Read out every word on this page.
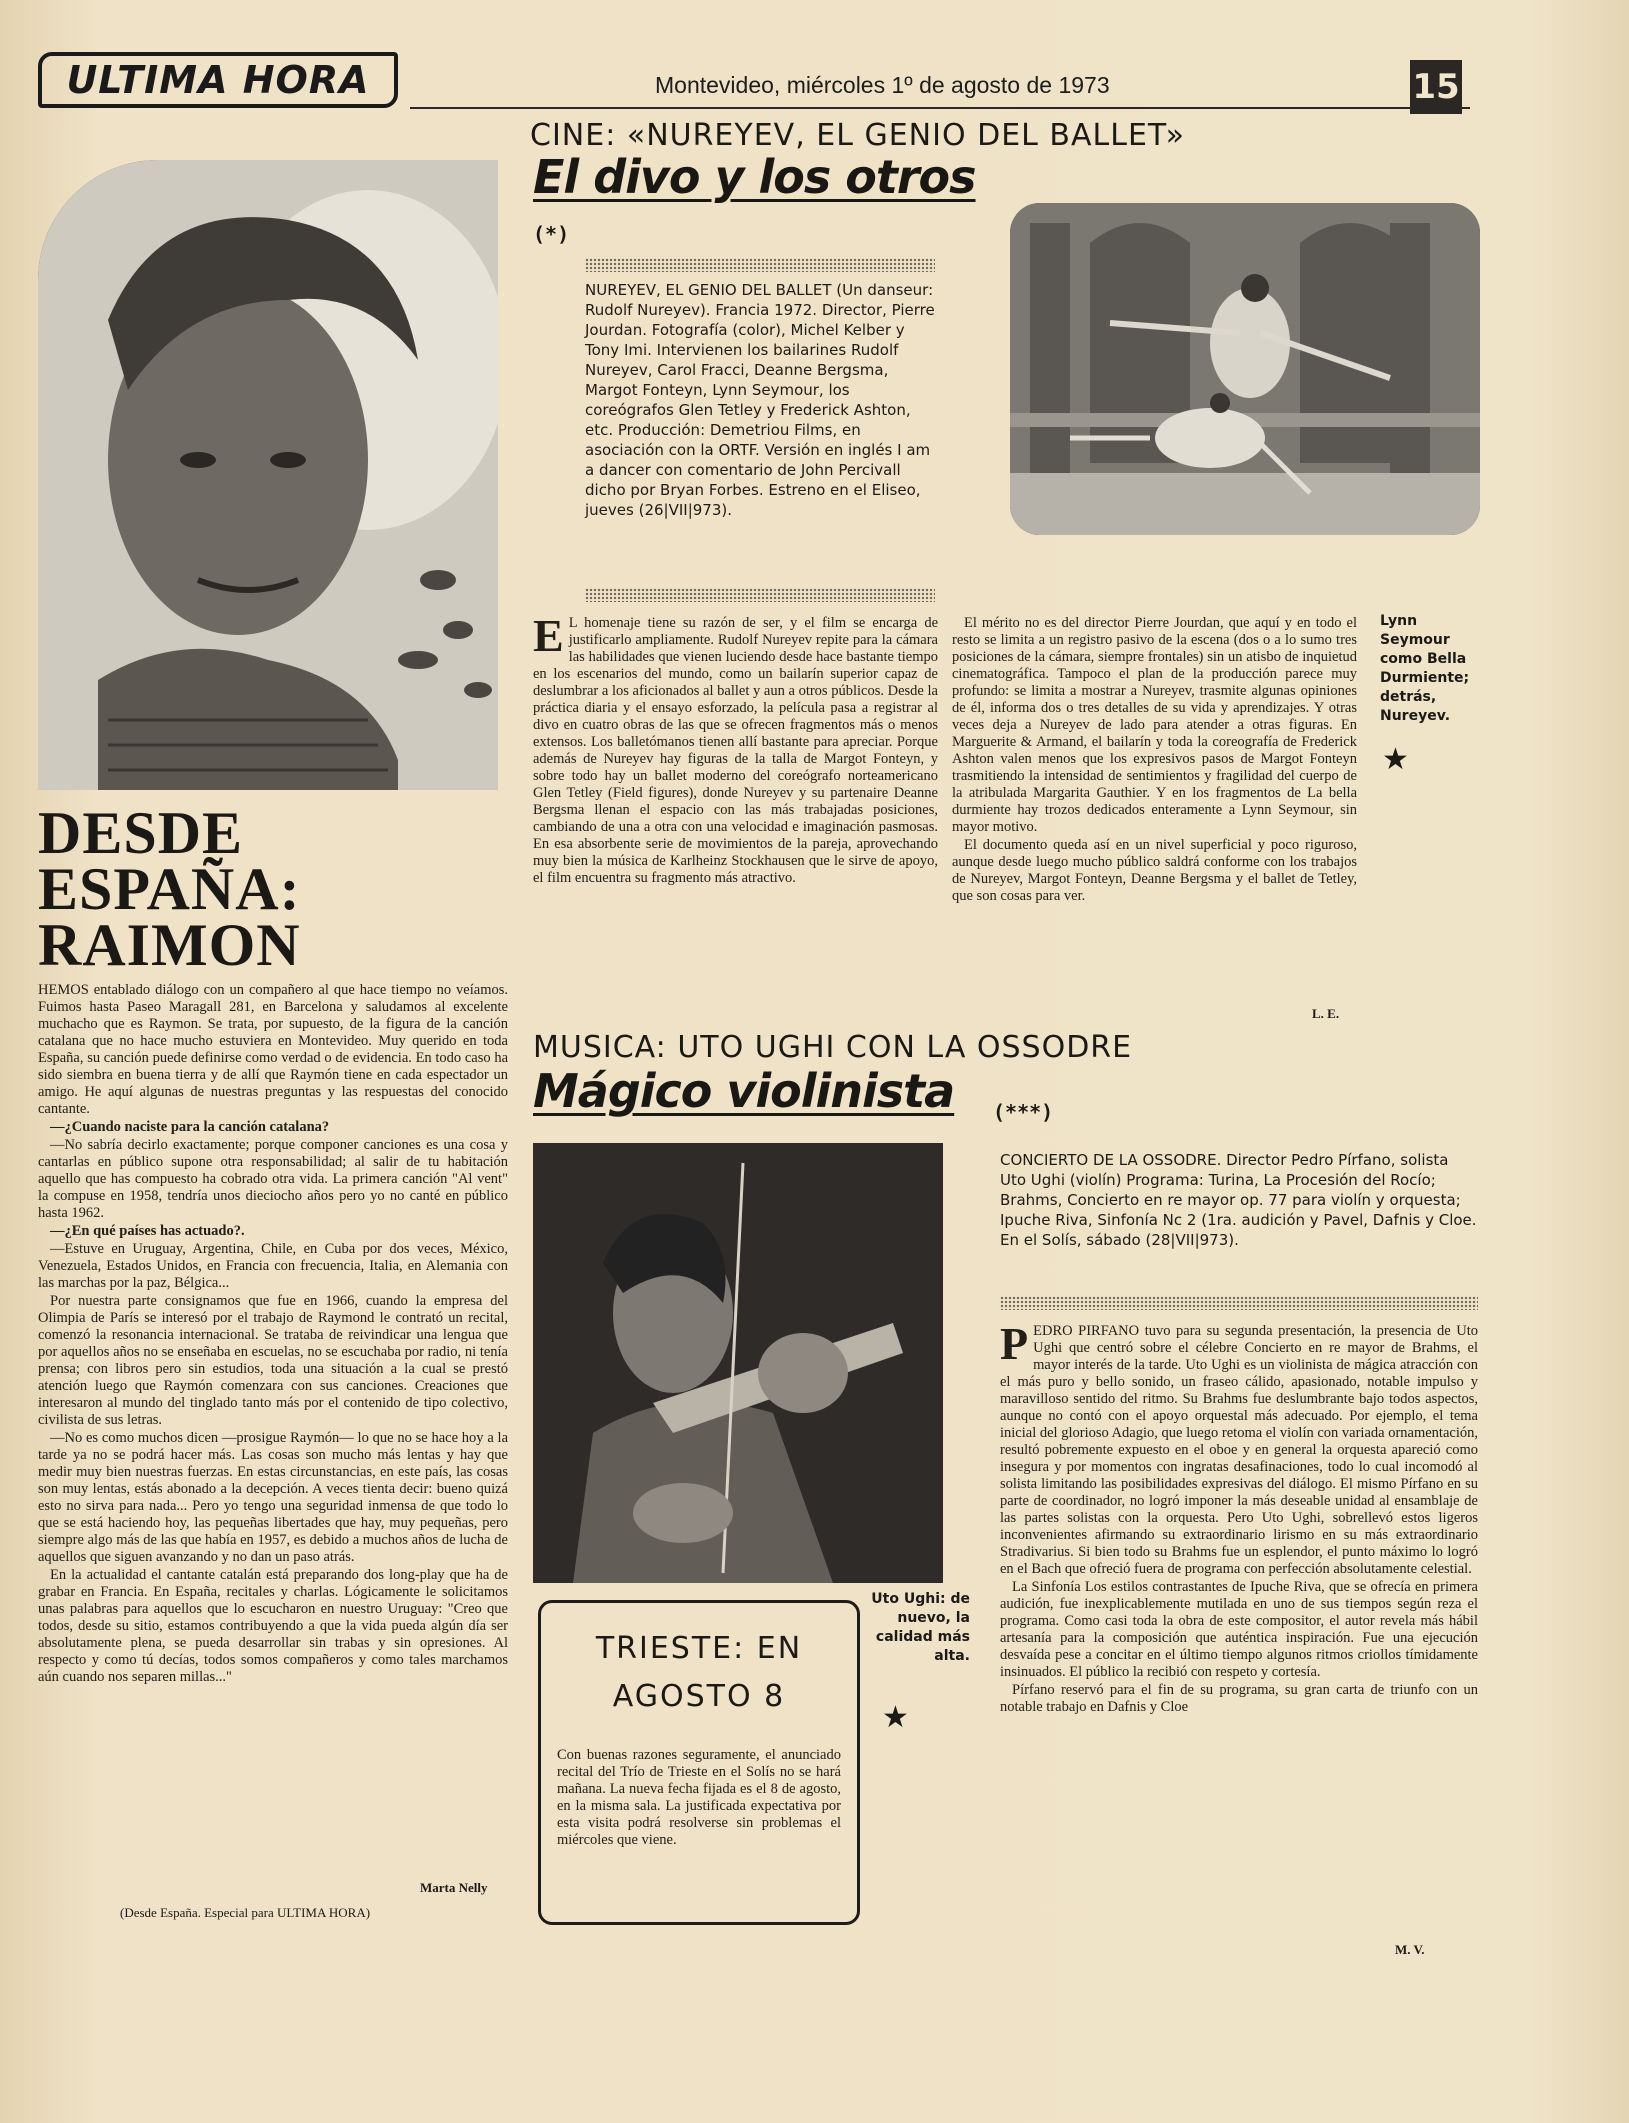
ULTIMA HORA	Montevideo, miércoles 1º de agosto de 1973	15
DESDE
ESPAÑA:
RAIMON

HEMOS entablado diálogo con un compañero al que hace tiempo no veíamos. Fuimos hasta Paseo Maragall 281, en Barcelona y saludamos al excelente muchacho que es Raymon. Se trata, por supuesto, de la figura de la canción catalana que no hace mucho estuviera en Montevideo. Muy querido en toda España, su canción puede definirse como verdad o de evidencia. En todo caso ha sido siembra en buena tierra y de allí que Raymón tiene en cada espectador un amigo. He aquí algunas de nuestras preguntas y las respuestas del conocido cantante.

—¿Cuando naciste para la canción catalana?

—No sabría decirlo exactamente; porque componer canciones es una cosa y cantarlas en público supone otra responsabilidad; al salir de tu habitación aquello que has compuesto ha cobrado otra vida. La primera canción "Al vent" la compuse en 1958, tendría unos dieciocho años pero yo no canté en público hasta 1962.

—¿En qué países has actuado?.

—Estuve en Uruguay, Argentina, Chile, en Cuba por dos veces, México, Venezuela, Estados Unidos, en Francia con frecuencia, Italia, en Alemania con las marchas por la paz, Bélgica...

Por nuestra parte consignamos que fue en 1966, cuando la empresa del Olimpia de París se interesó por el trabajo de Raymond le contrató un recital, comenzó la resonancia internacional. Se trataba de reivindicar una lengua que por aquellos años no se enseñaba en escuelas, no se escuchaba por radio, ni tenía prensa; con libros pero sin estudios, toda una situación a la cual se prestó atención luego que Raymón comenzara con sus canciones. Creaciones que interesaron al mundo del tinglado tanto más por el contenido de tipo colectivo, civilista de sus letras.

—No es como muchos dicen —prosigue Raymón— lo que no se hace hoy a la tarde ya no se podrá hacer más. Las cosas son mucho más lentas y hay que medir muy bien nuestras fuerzas. En estas circunstancias, en este país, las cosas son muy lentas, estás abonado a la decepción. A veces tienta decir: bueno quizá esto no sirva para nada... Pero yo tengo una seguridad inmensa de que todo lo que se está haciendo hoy, las pequeñas libertades que hay, muy pequeñas, pero siempre algo más de las que había en 1957, es debido a muchos años de lucha de aquellos que siguen avanzando y no dan un paso atrás.

En la actualidad el cantante catalán está preparando dos long-play que ha de grabar en Francia. En España, recitales y charlas. Lógicamente le solicitamos unas palabras para aquellos que lo escucharon en nuestro Uruguay: "Creo que todos, desde su sitio, estamos contribuyendo a que la vida pueda algún día ser absolutamente plena, se pueda desarrollar sin trabas y sin opresiones. Al respecto y como tú decías, todos somos compañeros y como tales marchamos aún cuando nos separen millas..."

Marta Nelly
(Desde España. Especial para ULTIMA HORA)
CINE: «NUREYEV, EL GENIO DEL BALLET»
El divo y los otros
(*)
NUREYEV, EL GENIO DEL BALLET (Un danseur: Rudolf Nureyev). Francia 1972. Director, Pierre Jourdan. Fotografía (color), Michel Kelber y Tony Imi. Intervienen los bailarines Rudolf Nureyev, Carol Fracci, Deanne Bergsma, Margot Fonteyn, Lynn Seymour, los coreógrafos Glen Tetley y Frederick Ashton, etc. Producción: Demetriou Films, en asociación con la ORTF. Versión en inglés I am a dancer con comentario de John Percivall dicho por Bryan Forbes. Estreno en el Eliseo, jueves (26|VII|973).

E L homenaje tiene su razón de ser, y el film se encarga de justificarlo ampliamente. Rudolf Nureyev repite para la cámara las habilidades que vienen luciendo desde hace bastante tiempo en los escenarios del mundo, como un bailarín superior capaz de deslumbrar a los aficionados al ballet y aun a otros públicos. Desde la práctica diaria y el ensayo esforzado, la película pasa a registrar al divo en cuatro obras de las que se ofrecen fragmentos más o menos extensos. Los balletómanos tienen allí bastante para apreciar. Porque además de Nureyev hay figuras de la talla de Margot Fonteyn, y sobre todo hay un ballet moderno del coreógrafo norteamericano Glen Tetley (Field figures), donde Nureyev y su partenaire Deanne Bergsma llenan el espacio con las más trabajadas posiciones, cambiando de una a otra con una velocidad e imaginación pasmosas. En esa absorbente serie de movimientos de la pareja, aprovechando muy bien la música de Karlheinz Stockhausen que le sirve de apoyo, el film encuentra su fragmento más atractivo.

El mérito no es del director Pierre Jourdan, que aquí y en todo el resto se limita a un registro pasivo de la escena (dos o a lo sumo tres posiciones de la cámara, siempre frontales) sin un atisbo de inquietud cinematográfica. Tampoco el plan de la producción parece muy profundo: se limita a mostrar a Nureyev, trasmite algunas opiniones de él, informa dos o tres detalles de su vida y aprendizajes. Y otras veces deja a Nureyev de lado para atender a otras figuras. En Marguerite & Armand, el bailarín y toda la coreografía de Frederick Ashton valen menos que los expresivos pasos de Margot Fonteyn trasmitiendo la intensidad de sentimientos y fragilidad del cuerpo de la atribulada Margarita Gauthier. Y en los fragmentos de La bella durmiente hay trozos dedicados enteramente a Lynn Seymour, sin mayor motivo.

El documento queda así en un nivel superficial y poco riguroso, aunque desde luego mucho público saldrá conforme con los trabajos de Nureyev, Margot Fonteyn, Deanne Bergsma y el ballet de Tetley, que son cosas para ver.

L. E.
Lynn Seymour como Bella Durmiente; detrás, Nureyev.
★
MUSICA: UTO UGHI CON LA OSSODRE
Mágico violinista (***)
Uto Ughi: de nuevo, la calidad más alta.
★
CONCIERTO DE LA OSSODRE. Director Pedro Pírfano, solista Uto Ughi (violín) Programa: Turina, La Procesión del Rocío; Brahms, Concierto en re mayor op. 77 para violín y orquesta; Ipuche Riva, Sinfonía Nc 2 (1ra. audición y Pavel, Dafnis y Cloe. En el Solís, sábado (28|VII|973).

PEDRO PIRFANO tuvo para su segunda presentación, la presencia de Uto Ughi que centró sobre el célebre Concierto en re mayor de Brahms, el mayor interés de la tarde. Uto Ughi es un violinista de mágica atracción con el más puro y bello sonido, un fraseo cálido, apasionado, notable impulso y maravilloso sentido del ritmo. Su Brahms fue deslumbrante bajo todos aspectos, aunque no contó con el apoyo orquestal más adecuado. Por ejemplo, el tema inicial del glorioso Adagio, que luego retoma el violín con variada ornamentación, resultó pobremente expuesto en el oboe y en general la orquesta apareció como insegura y por momentos con ingratas desafinaciones, todo lo cual incomodó al solista limitando las posibilidades expresivas del diálogo. El mismo Pírfano en su parte de coordinador, no logró imponer la más deseable unidad al ensamblaje de las partes solistas con la orquesta. Pero Uto Ughi, sobrellevó estos ligeros inconvenientes afirmando su extraordinario lirismo en su más extraordinario Stradivarius. Si bien todo su Brahms fue un esplendor, el punto máximo lo logró en el Bach que ofreció fuera de programa con perfección absolutamente celestial.

La Sinfonía Los estilos contrastantes de Ipuche Riva, que se ofrecía en primera audición, fue inexplicablemente mutilada en uno de sus tiempos según reza el programa. Como casi toda la obra de este compositor, el autor revela más hábil artesanía para la composición que auténtica inspiración. Fue una ejecución desvaída pese a concitar en el último tiempo algunos ritmos criollos tímidamente insinuados. El público la recibió con respeto y cortesía.

Pírfano reservó para el fin de su programa, su gran carta de triunfo con un notable trabajo en Dafnis y Cloe

M. V.
TRIESTE: EN
AGOSTO 8
Con buenas razones seguramente, el anunciado recital del Trío de Trieste en el Solís no se hará mañana. La nueva fecha fijada es el 8 de agosto, en la misma sala. La justificada expectativa por esta visita podrá resolverse sin problemas el miércoles que viene.
